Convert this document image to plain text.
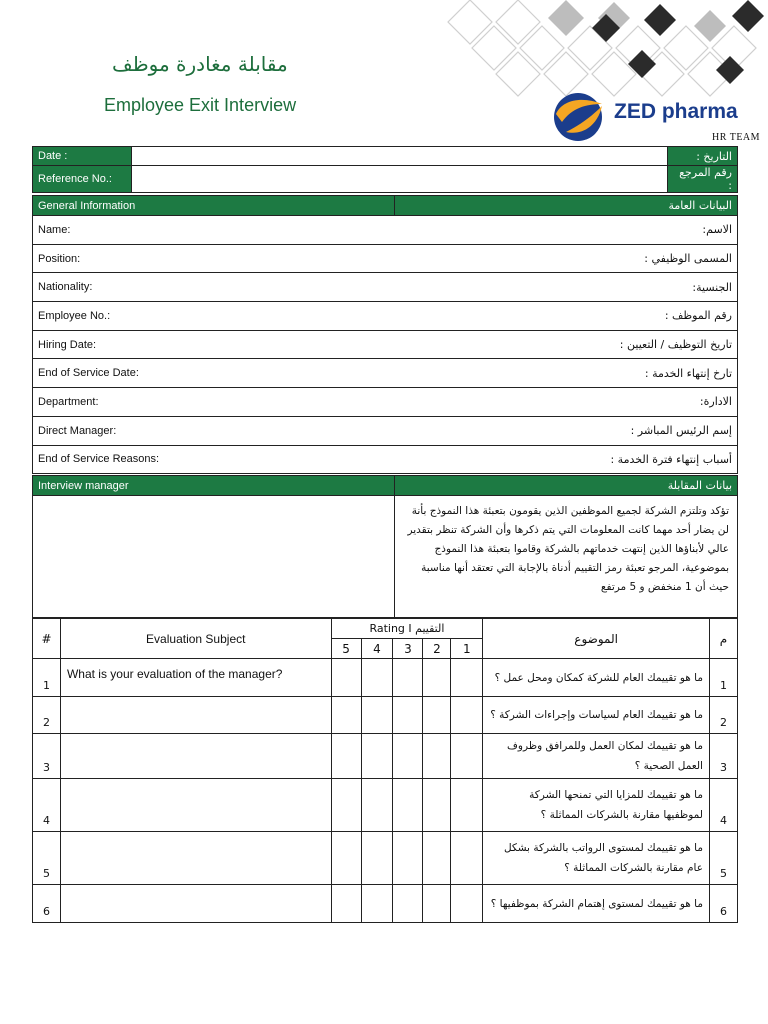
مقابلة مغادرة موظف
Employee Exit Interview	ZED pharma
HR TEAM
Date :		التاريخ :
Reference No.:		رقم المرجع :
General Information	البيانات العامة
Name:	الاسم:
Position:	المسمى الوظيفي :
Nationality:	الجنسية:
Employee No.:	رقم الموظف :
Hiring Date:	تاريخ التوظيف / التعيين :
End of Service Date:	تارخ إنتهاء الخدمة :
Department:	الادارة:
Direct Manager:	إسم الرئيس المباشر :
End of Service Reasons:	أسباب إنتهاء فترة الخدمة :
Interview manager	بيانات المقابلة
	تؤكد وتلتزم الشركة لجميع الموظفين الذين يقومون بتعبئة هذا النموذج بأنة لن يضار أحد مهما كانت المعلومات التي يتم ذكرها وأن الشركة تنظر بتقدير عالي لأبناؤها الذين إنتهت خدماتهم بالشركة وقاموا بتعبئة هذا النموذج بموضوعية، المرجو تعبئة رمز التقييم أدناة بالإجابة التي تعتقد أنها مناسبة حيث أن 1 منخفض و 5 مرتفع
#	Evaluation Subject	Rating I التقييم					الموضوع	م
		5	4	3	2	1		
1	What is your evaluation of the manager?						ما هو تقييمك العام للشركة كمكان ومحل عمل ؟	1
2							ما هو تقييمك العام لسياسات وإجراءات الشركة ؟	2
3							ما هو تقييمك لمكان العمل وللمرافق وظروف العمل الصحية ؟	3
4							ما هو تقييمك للمزايا التي تمنحها الشركة لموظفيها مقارنة بالشركات المماثلة ؟	4
5							ما هو تقييمك لمستوى الرواتب بالشركة بشكل عام مقارنة بالشركات المماثلة ؟	5
6							ما هو تقييمك لمستوى إهتمام الشركة بموظفيها ؟	6
